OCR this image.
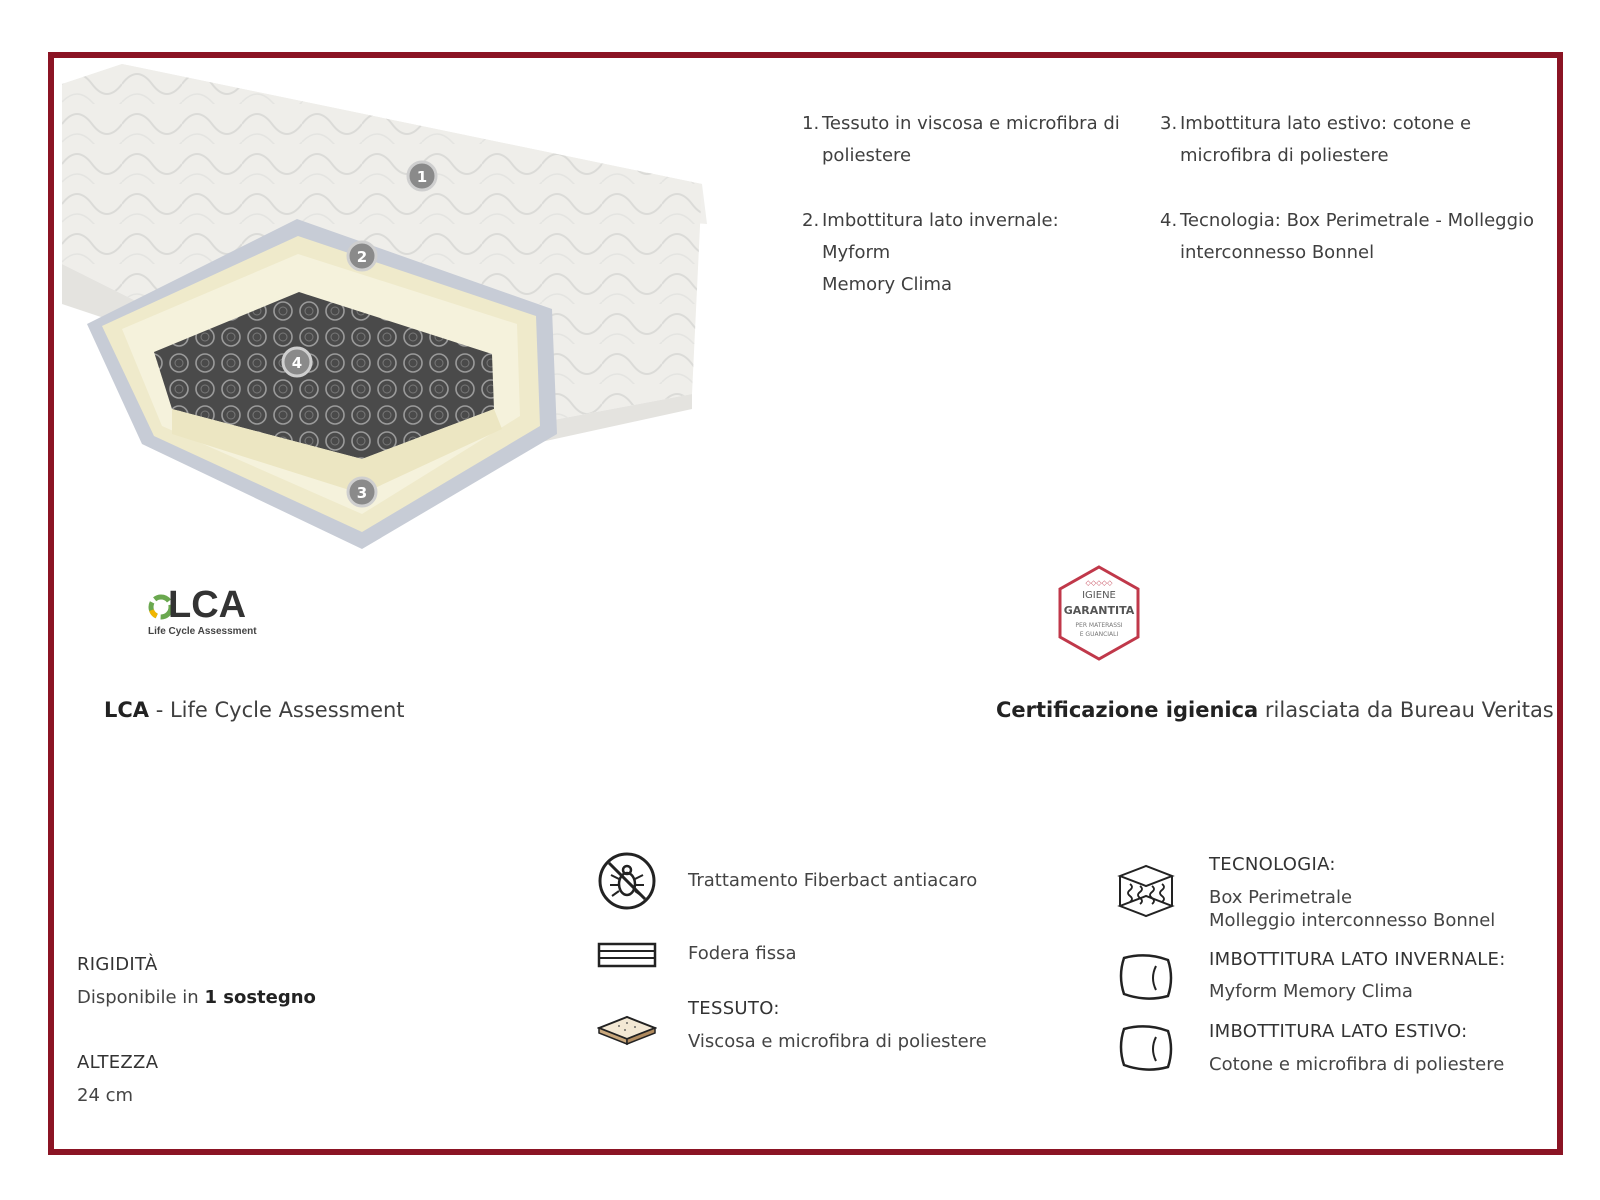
1
2
4
3
1. Tessuto in viscosa e microfibra di
poliestere
2. Imbottitura lato invernale: Myform
Memory Clima
3. Imbottitura lato estivo: cotone e
microfibra di poliestere
4. Tecnologia: Box Perimetrale - Molleggio
interconnesso Bonnel
LCA
Life Cycle Assessment
LCA - Life Cycle Assessment
◇◇◇◇◇
IGIENE
GARANTITA
PER MATERASSI
E GUANCIALI
Certificazione igienica rilasciata da Bureau Veritas
RIGIDITÀ
Disponibile in 1 sostegno
ALTEZZA
24 cm
Trattamento Fiberbact antiacaro
Fodera fissa
TESSUTO:
Viscosa e microfibra di poliestere
TECNOLOGIA:
Box Perimetrale
Molleggio interconnesso Bonnel
IMBOTTITURA LATO INVERNALE:
Myform Memory Clima
IMBOTTITURA LATO ESTIVO:
Cotone e microfibra di poliestere
